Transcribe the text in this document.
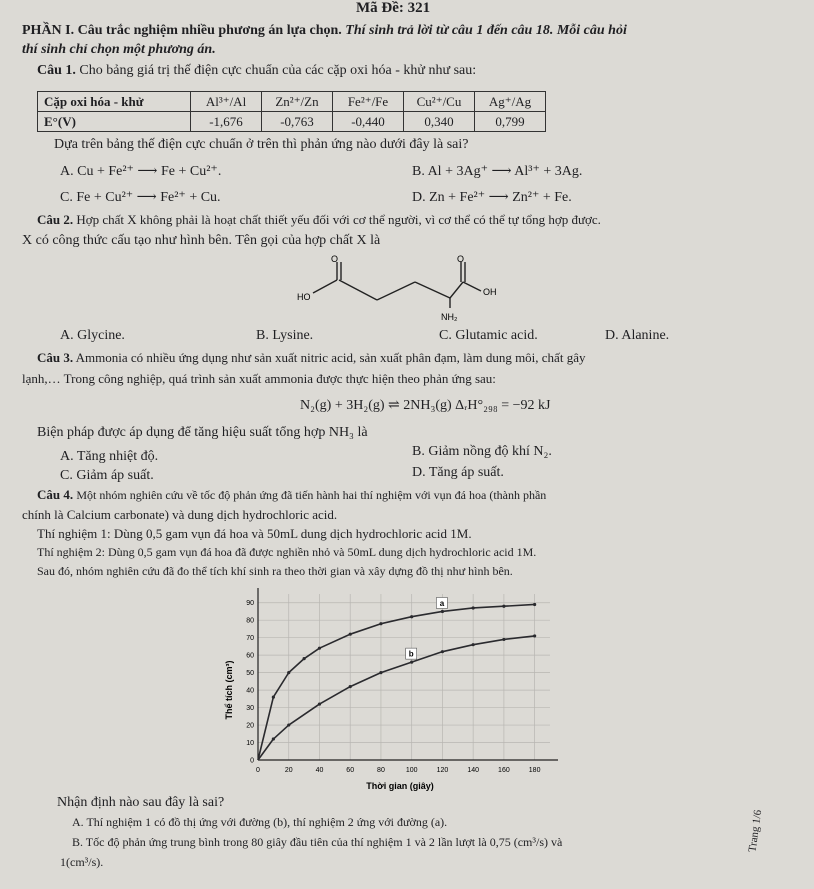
Mã Đề: 321
PHẦN I. Câu trắc nghiệm nhiều phương án lựa chọn. Thí sinh trả lời từ câu 1 đến câu 18. Mỗi câu hỏi
thí sinh chỉ chọn một phương án.
Câu 1. Cho bảng giá trị thế điện cực chuẩn của các cặp oxi hóa - khử như sau:
Cặp oxi hóa - khử	Al³⁺/Al	Zn²⁺/Zn	Fe²⁺/Fe	Cu²⁺/Cu	Ag⁺/Ag
E°(V)	-1,676	-0,763	-0,440	0,340	0,799
Dựa trên bảng thế điện cực chuẩn ở trên thì phản ứng nào dưới đây là sai?
A. Cu + Fe²⁺ ⟶ Fe + Cu²⁺.	B. Al + 3Ag⁺ ⟶ Al³⁺ + 3Ag.
C. Fe + Cu²⁺ ⟶ Fe²⁺ + Cu.	D. Zn + Fe²⁺ ⟶ Zn²⁺ + Fe.
Câu 2. Hợp chất X không phải là hoạt chất thiết yếu đối với cơ thể người, vì cơ thể có thể tự tổng hợp được.
X có công thức cấu tạo như hình bên. Tên gọi của hợp chất X là
O	O
HO	OH
NH₂
A. Glycine.	B. Lysine.	C. Glutamic acid.	D. Alanine.
Câu 3. Ammonia có nhiều ứng dụng như sản xuất nitric acid, sản xuất phân đạm, làm dung môi, chất gây
lạnh,… Trong công nghiệp, quá trình sản xuất ammonia được thực hiện theo phản ứng sau:
N₂(g) + 3H₂(g) ⇌ 2NH₃(g) ΔᵣH°₂₉₈ = −92 kJ
Biện pháp được áp dụng để tăng hiệu suất tổng hợp NH₃ là
A. Tăng nhiệt độ.	B. Giảm nồng độ khí N₂.
C. Giảm áp suất.	D. Tăng áp suất.
Câu 4. Một nhóm nghiên cứu về tốc độ phản ứng đã tiến hành hai thí nghiệm với vụn đá hoa (thành phần
chính là Calcium carbonate) và dung dịch hydrochloric acid.
Thí nghiệm 1: Dùng 0,5 gam vụn đá hoa và 50mL dung dịch hydrochloric acid 1M.
Thí nghiệm 2: Dùng 0,5 gam vụn đá hoa đã được nghiền nhỏ và 50mL dung dịch hydrochloric acid 1M.
Sau đó, nhóm nghiên cứu đã đo thể tích khí sinh ra theo thời gian và xây dựng đồ thị như hình bên.
0	20	40	60	80	100	120	140	160	180
0
10
20
30
40
50
60
70
80
90	a
b
Thời gian (giây)
Thể tích (cm³)
Nhận định nào sau đây là sai?
A. Thí nghiệm 1 có đồ thị ứng với đường (b), thí nghiệm 2 ứng với đường (a).
B. Tốc độ phản ứng trung bình trong 80 giây đầu tiên của thí nghiệm 1 và 2 lần lượt là 0,75 (cm³/s) và
1(cm³/s).
Trang 1/6
